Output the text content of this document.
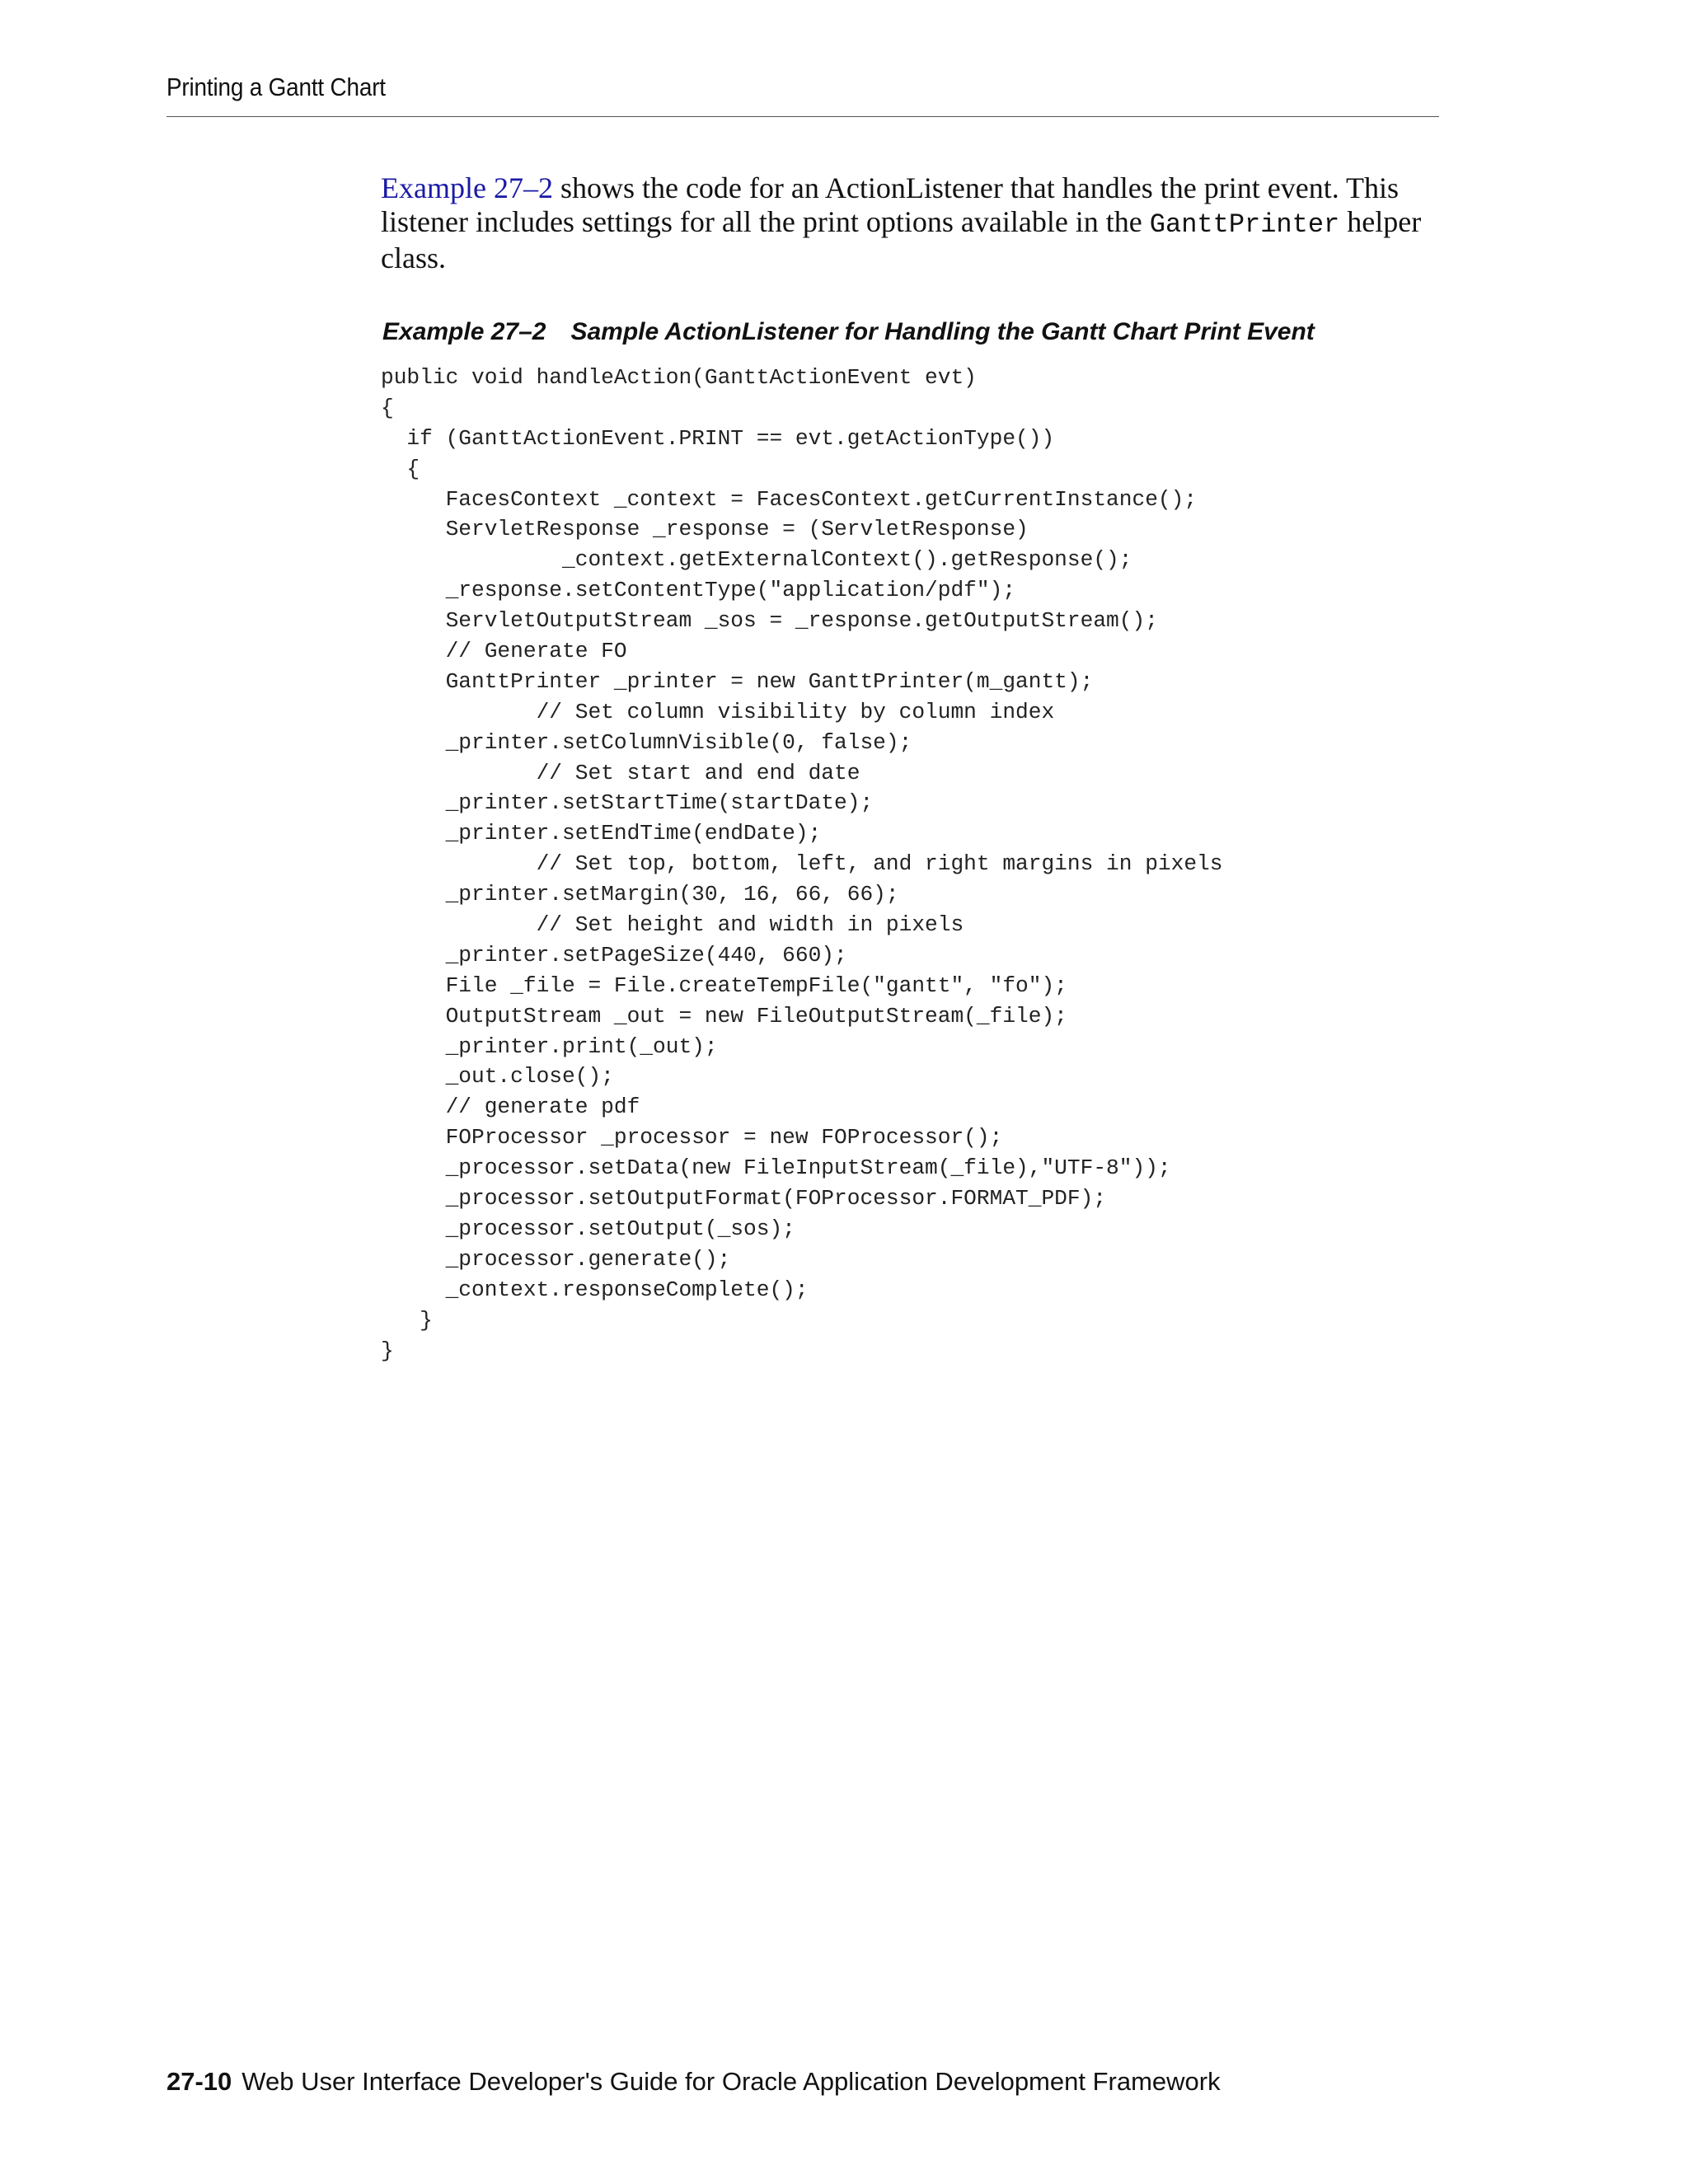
Printing a Gantt Chart

Example 27–2 shows the code for an ActionListener that handles the print event. This listener includes settings for all the print options available in the GanttPrinter helper class.

Example 27–2 Sample ActionListener for Handling the Gantt Chart Print Event
public void handleAction(GanttActionEvent evt)
{
if (GanttActionEvent.PRINT == evt.getActionType())
{
FacesContext _context = FacesContext.getCurrentInstance();
ServletResponse _response = (ServletResponse)
_context.getExternalContext().getResponse();
_response.setContentType("application/pdf");
ServletOutputStream _sos = _response.getOutputStream();
// Generate FO
GanttPrinter _printer = new GanttPrinter(m_gantt);
// Set column visibility by column index
_printer.setColumnVisible(0, false);
// Set start and end date
_printer.setStartTime(startDate);
_printer.setEndTime(endDate);
// Set top, bottom, left, and right margins in pixels
_printer.setMargin(30, 16, 66, 66);
// Set height and width in pixels
_printer.setPageSize(440, 660);
File _file = File.createTempFile("gantt", "fo");
OutputStream _out = new FileOutputStream(_file);
_printer.print(_out);
_out.close();
// generate pdf
FOProcessor _processor = new FOProcessor();
_processor.setData(new FileInputStream(_file),"UTF-8"));
_processor.setOutputFormat(FOProcessor.FORMAT_PDF);
_processor.setOutput(_sos);
_processor.generate();
_context.responseComplete();
}
}
27-10 Web User Interface Developer's Guide for Oracle Application Development Framework
